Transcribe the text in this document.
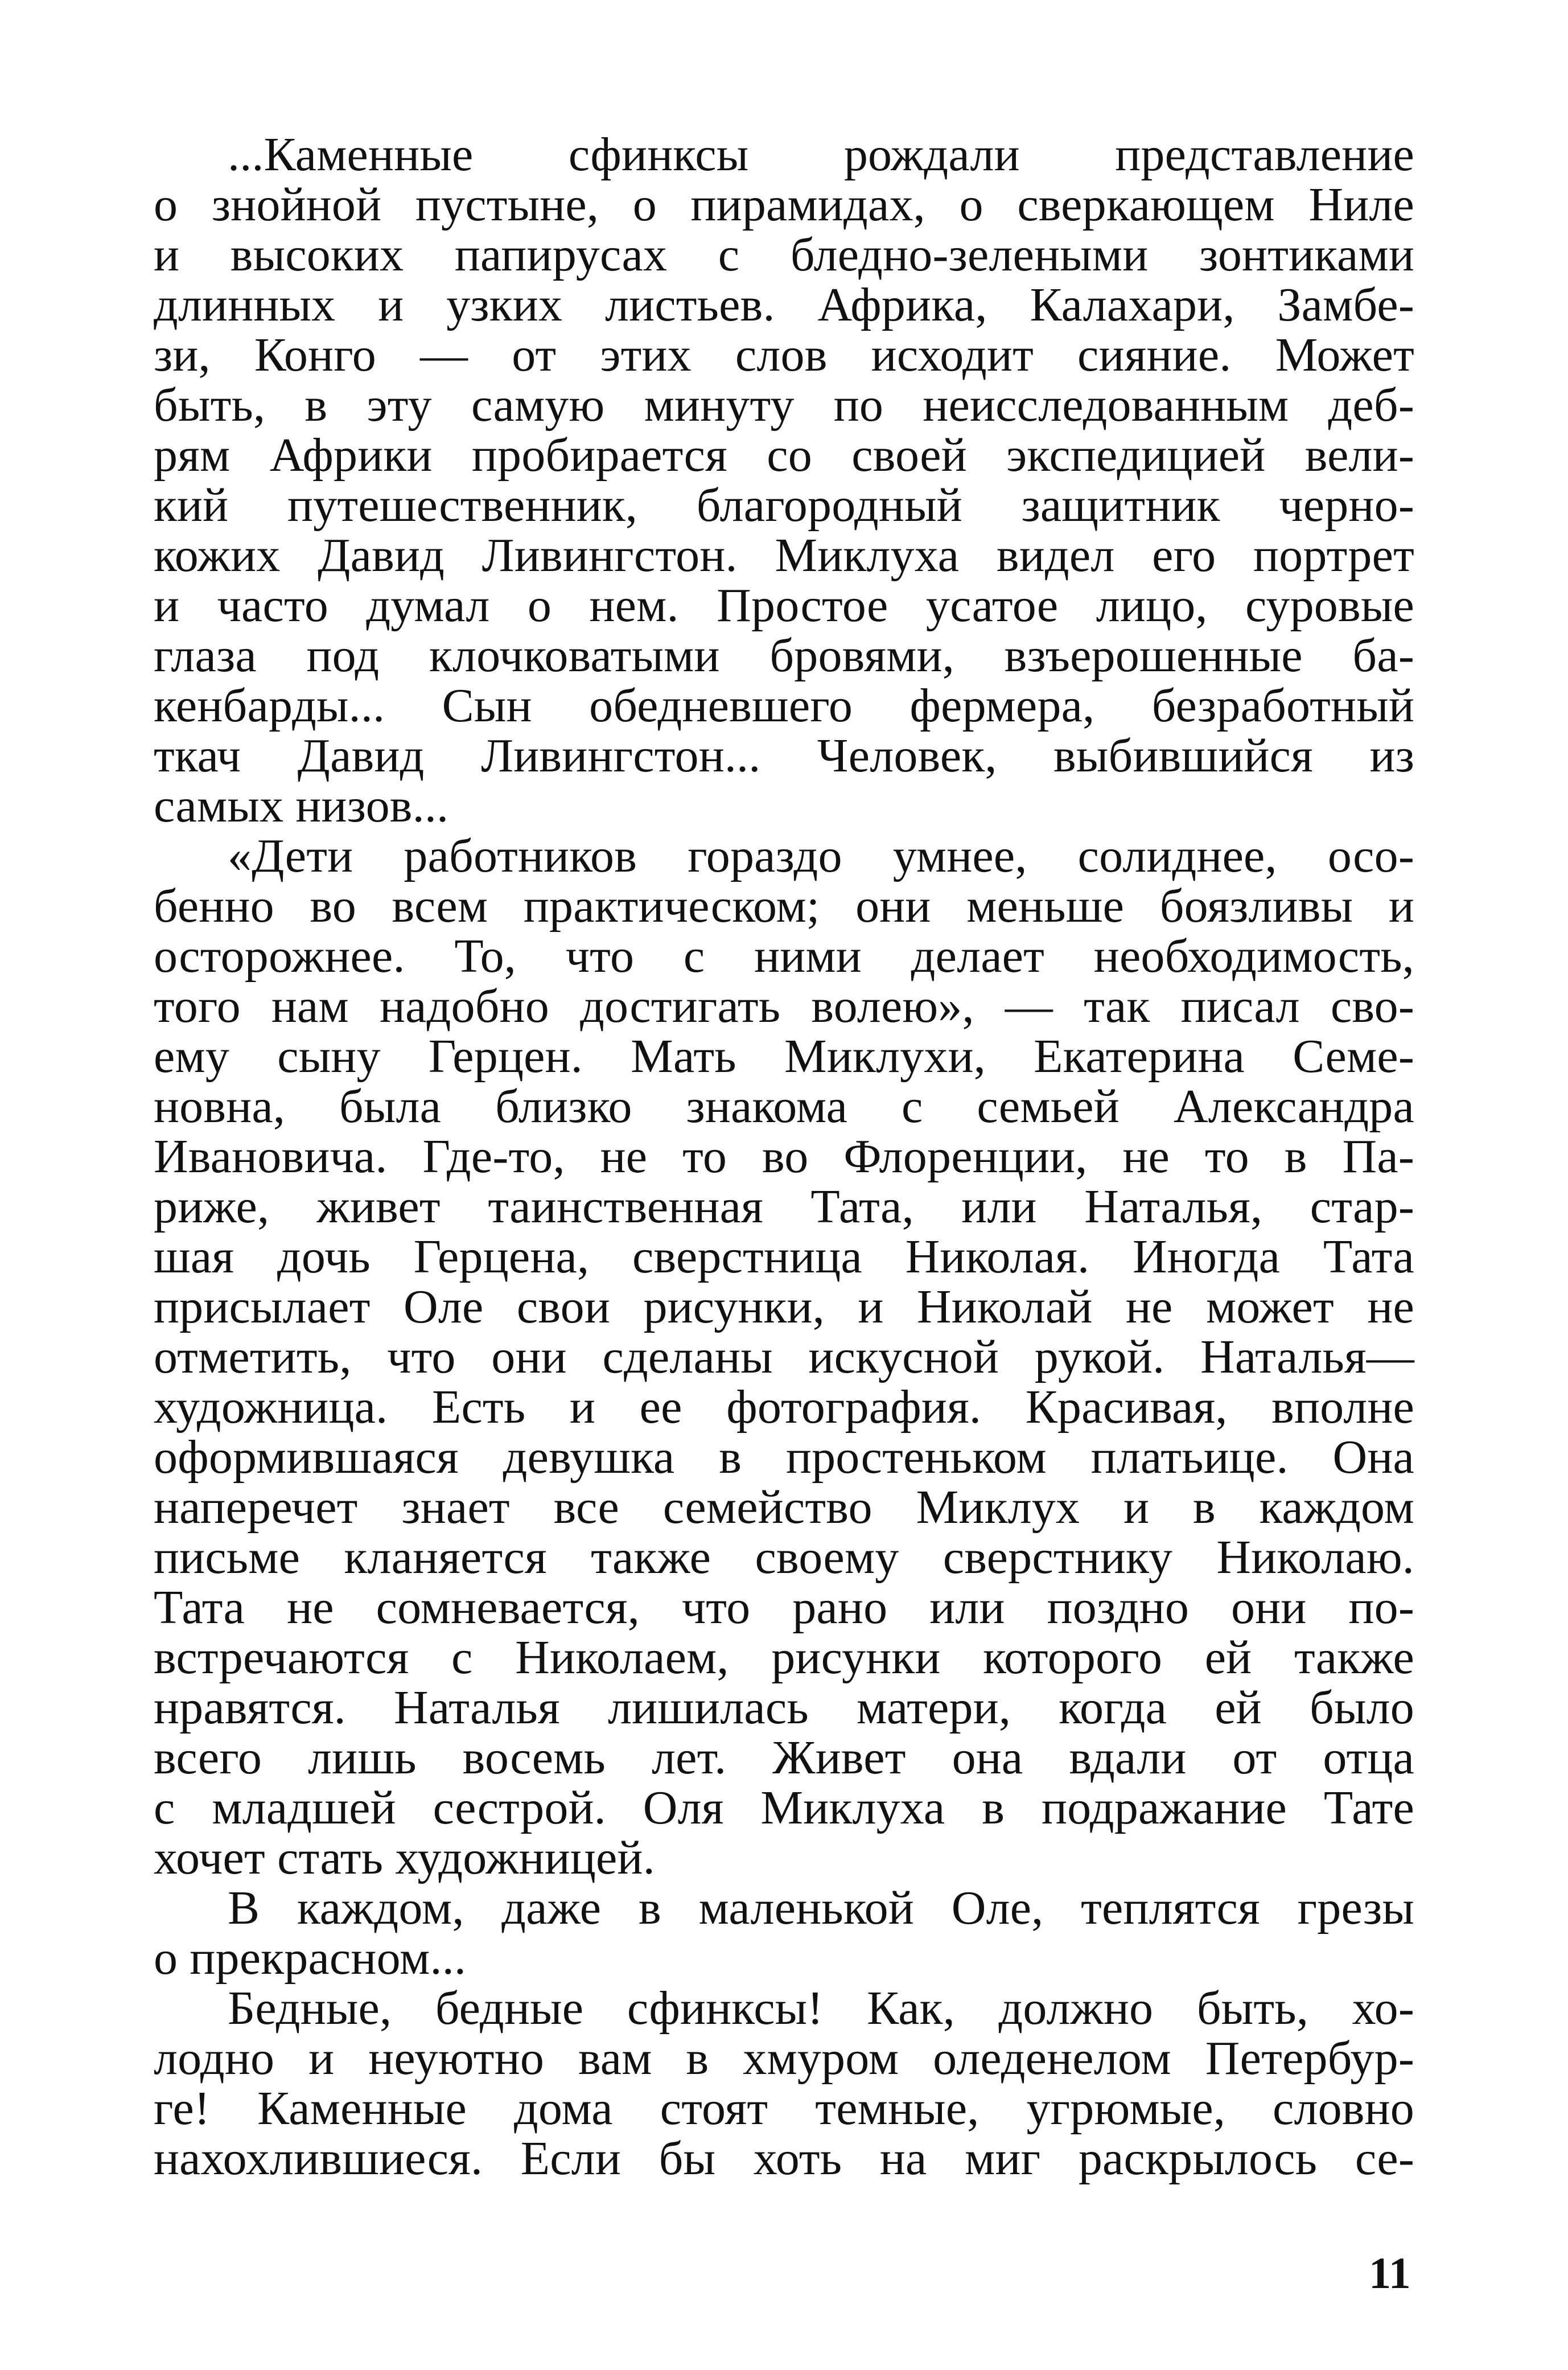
...Каменные сфинксы рождали представление
о знойной пустыне, о пирамидах, о сверкающем Ниле
и высоких папирусах с бледно-зелеными зонтиками
длинных и узких листьев. Африка, Калахари, Замбе-
зи, Конго — от этих слов исходит сияние. Может
быть, в эту самую минуту по неисследованным деб-
рям Африки пробирается со своей экспедицией вели-
кий путешественник, благородный защитник черно-
кожих Давид Ливингстон. Миклуха видел его портрет
и часто думал о нем. Простое усатое лицо, суровые
глаза под клочковатыми бровями, взъерошенные ба-
кенбарды... Сын обедневшего фермера, безработный
ткач Давид Ливингстон... Человек, выбившийся из
самых низов...
«Дети работников гораздо умнее, солиднее, осо-
бенно во всем практическом; они меньше боязливы и
осторожнее. То, что с ними делает необходимость,
того нам надобно достигать волею», — так писал сво-
ему сыну Герцен. Мать Миклухи, Екатерина Семе-
новна, была близко знакома с семьей Александра
Ивановича. Где-то, не то во Флоренции, не то в Па-
риже, живет таинственная Тата, или Наталья, стар-
шая дочь Герцена, сверстница Николая. Иногда Тата
присылает Оле свои рисунки, и Николай не может не
отметить, что они сделаны искусной рукой. Наталья—
художница. Есть и ее фотография. Красивая, вполне
оформившаяся девушка в простеньком платьице. Она
наперечет знает все семейство Миклух и в каждом
письме кланяется также своему сверстнику Николаю.
Тата не сомневается, что рано или поздно они по-
встречаются с Николаем, рисунки которого ей также
нравятся. Наталья лишилась матери, когда ей было
всего лишь восемь лет. Живет она вдали от отца
с младшей сестрой. Оля Миклуха в подражание Тате
хочет стать художницей.
В каждом, даже в маленькой Оле, теплятся грезы
о прекрасном...
Бедные, бедные сфинксы! Как, должно быть, хо-
лодно и неуютно вам в хмуром оледенелом Петербур-
ге! Каменные дома стоят темные, угрюмые, словно
нахохлившиеся. Если бы хоть на миг раскрылось се-
11
